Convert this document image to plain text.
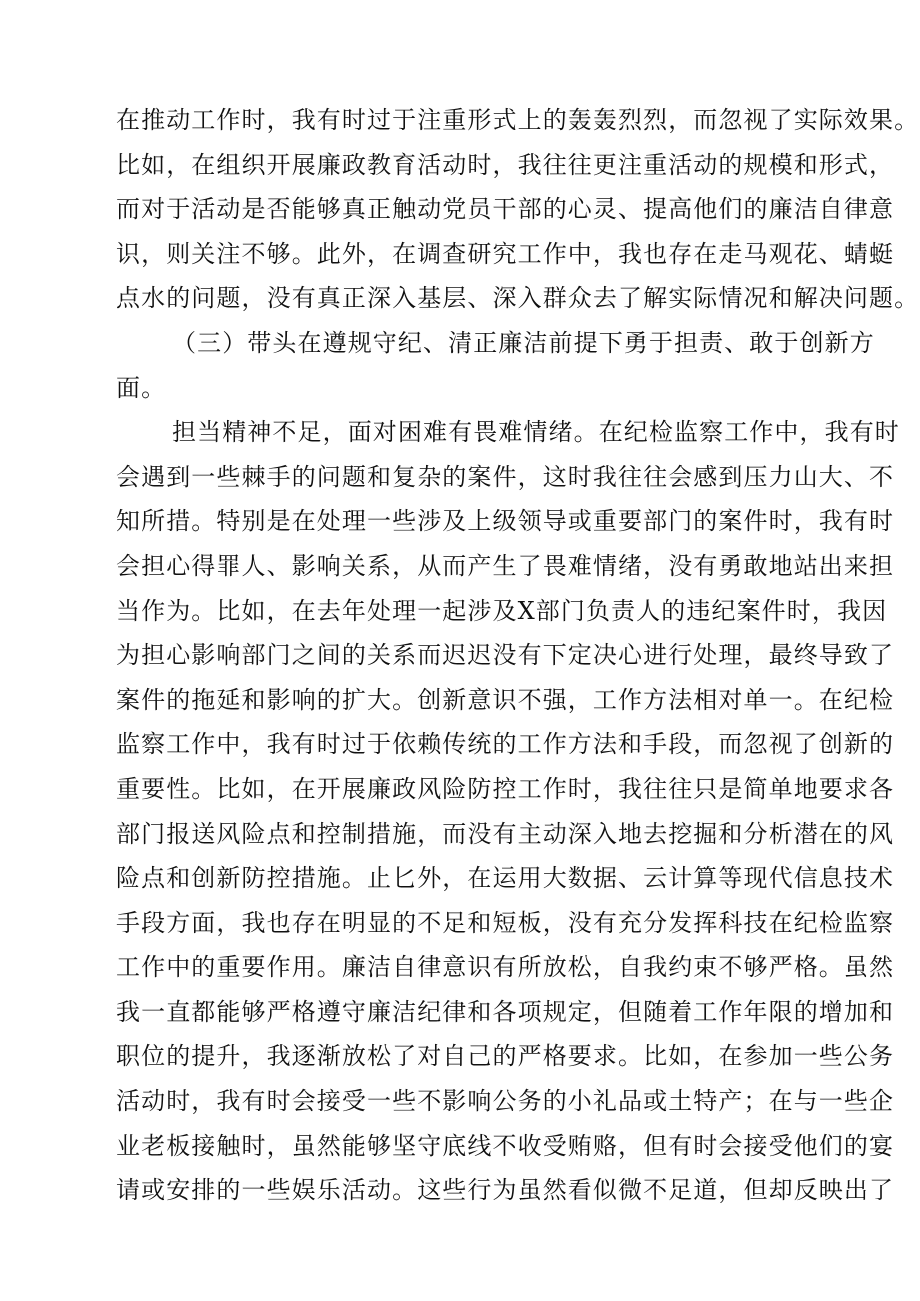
在推动工作时，我有时过于注重形式上的轰轰烈烈，而忽视了实际效果。
比如，在组织开展廉政教育活动时，我往往更注重活动的规模和形式，
而对于活动是否能够真正触动党员干部的心灵、提高他们的廉洁自律意
识，则关注不够。此外，在调查研究工作中，我也存在走马观花、蜻蜓
点水的问题，没有真正深入基层、深入群众去了解实际情况和解决问题。
（三）带头在遵规守纪、清正廉洁前提下勇于担责、敢于创新方
面。
担当精神不足，面对困难有畏难情绪。在纪检监察工作中，我有时
会遇到一些棘手的问题和复杂的案件，这时我往往会感到压力山大、不
知所措。特别是在处理一些涉及上级领导或重要部门的案件时，我有时
会担心得罪人、影响关系，从而产生了畏难情绪，没有勇敢地站出来担
当作为。比如，在去年处理一起涉及X部门负责人的违纪案件时，我因
为担心影响部门之间的关系而迟迟没有下定决心进行处理，最终导致了
案件的拖延和影响的扩大。创新意识不强，工作方法相对单一。在纪检
监察工作中，我有时过于依赖传统的工作方法和手段，而忽视了创新的
重要性。比如，在开展廉政风险防控工作时，我往往只是简单地要求各
部门报送风险点和控制措施，而没有主动深入地去挖掘和分析潜在的风
险点和创新防控措施。止匕外，在运用大数据、云计算等现代信息技术
手段方面，我也存在明显的不足和短板，没有充分发挥科技在纪检监察
工作中的重要作用。廉洁自律意识有所放松，自我约束不够严格。虽然
我一直都能够严格遵守廉洁纪律和各项规定，但随着工作年限的增加和
职位的提升，我逐渐放松了对自己的严格要求。比如，在参加一些公务
活动时，我有时会接受一些不影响公务的小礼品或土特产；在与一些企
业老板接触时，虽然能够坚守底线不收受贿赂，但有时会接受他们的宴
请或安排的一些娱乐活动。这些行为虽然看似微不足道，但却反映出了
